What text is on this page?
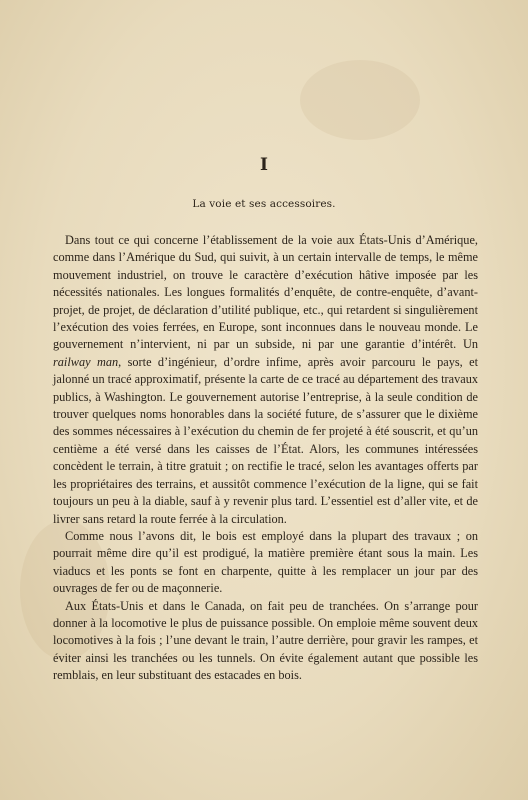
I
La voie et ses accessoires.

Dans tout ce qui concerne l’établissement de la voie aux États-Unis d’Amérique, comme dans l’Amérique du Sud, qui suivit, à un certain intervalle de temps, le même mouvement industriel, on trouve le caractère d’exécution hâtive imposée par les nécessités nationales. Les longues formalités d’enquête, de contre-enquête, d’avant-projet, de projet, de déclaration d’utilité publique, etc., qui retardent si singulièrement l’exécution des voies ferrées, en Europe, sont inconnues dans le nouveau monde. Le gouvernement n’intervient, ni par un subside, ni par une garantie d’intérêt. Un railway man, sorte d’ingénieur, d’ordre infime, après avoir parcouru le pays, et jalonné un tracé approximatif, présente la carte de ce tracé au département des travaux publics, à Washington. Le gouvernement autorise l’entreprise, à la seule condition de trouver quelques noms honorables dans la société future, de s’assurer que le dixième des sommes nécessaires à l’exécution du chemin de fer projeté à été souscrit, et qu’un centième a été versé dans les caisses de l’État. Alors, les communes intéressées concèdent le terrain, à titre gratuit ; on rectifie le tracé, selon les avantages offerts par les propriétaires des terrains, et aussitôt commence l’exécution de la ligne, qui se fait toujours un peu à la diable, sauf à y revenir plus tard. L’essentiel est d’aller vite, et de livrer sans retard la route ferrée à la circulation.

Comme nous l’avons dit, le bois est employé dans la plupart des travaux ; on pourrait même dire qu’il est prodigué, la matière première étant sous la main. Les viaducs et les ponts se font en charpente, quitte à les remplacer un jour par des ouvrages de fer ou de maçonnerie.

Aux États-Unis et dans le Canada, on fait peu de tranchées. On s’arrange pour donner à la locomotive le plus de puissance possible. On emploie même souvent deux locomotives à la fois ; l’une devant le train, l’autre derrière, pour gravir les rampes, et éviter ainsi les tranchées ou les tunnels. On évite également autant que possible les remblais, en leur substituant des estacades en bois.
